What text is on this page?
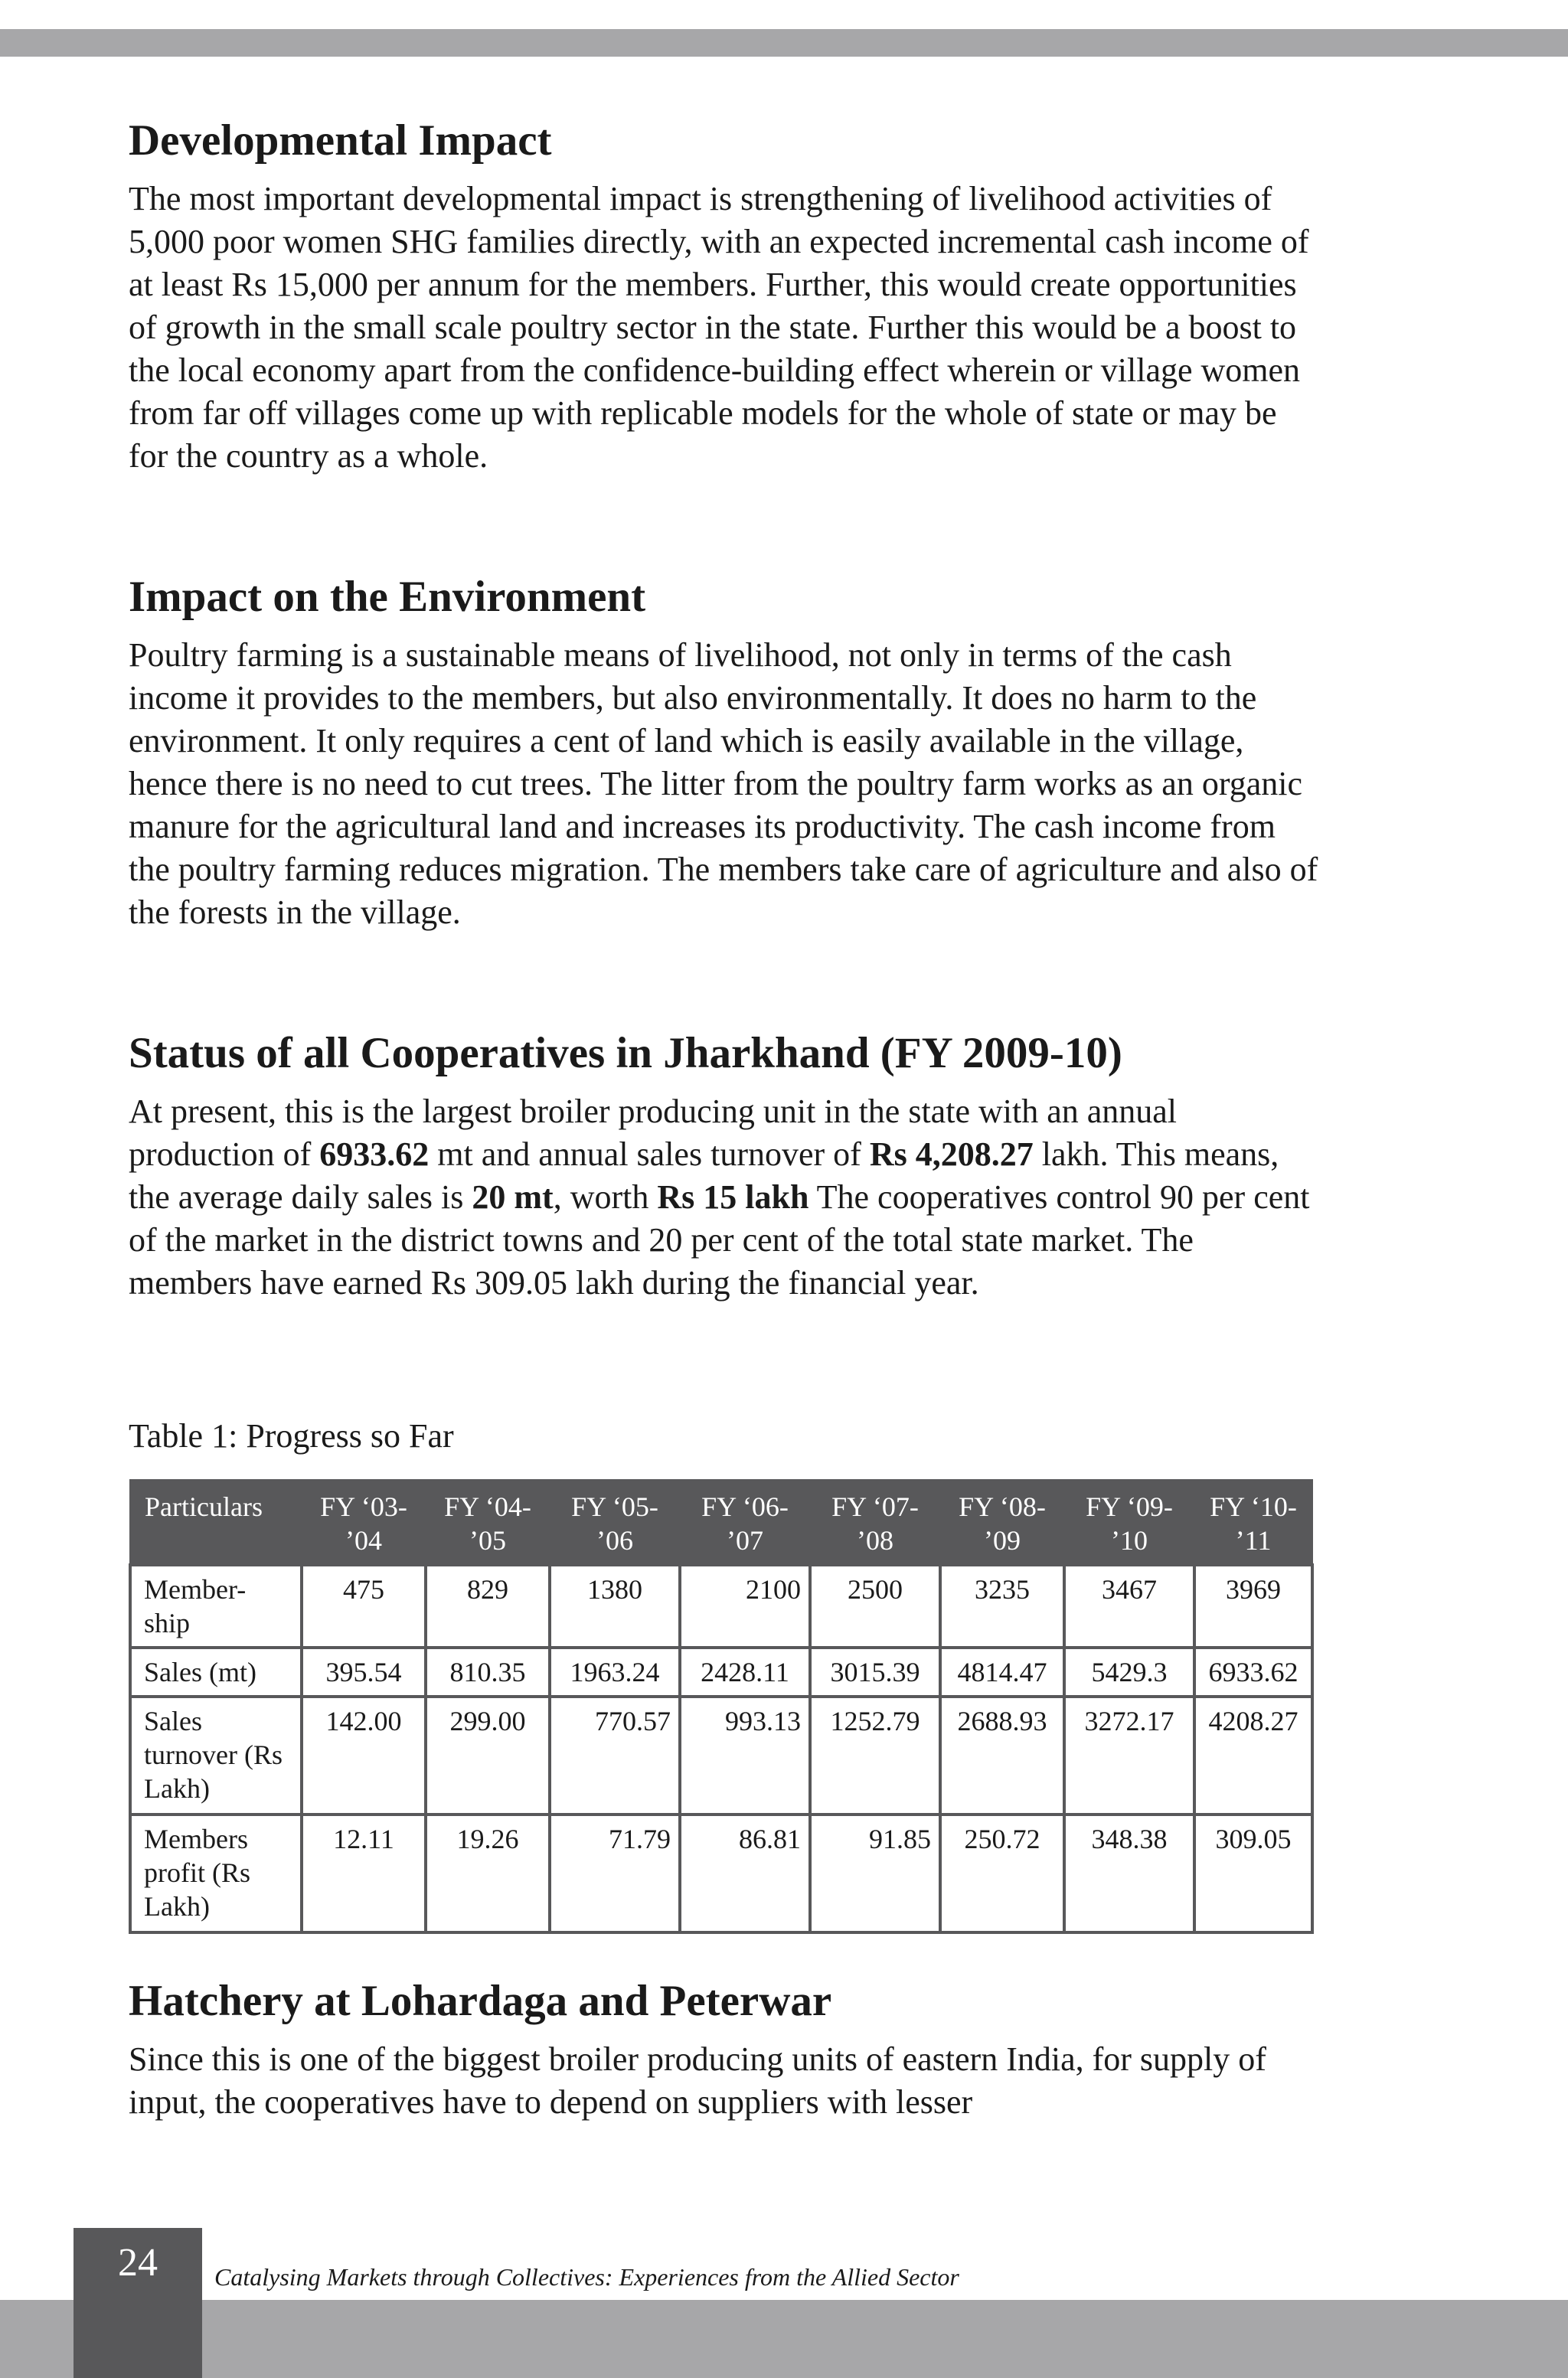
Developmental Impact

The most important developmental impact is strengthening of livelihood activities of 5,000 poor women SHG families directly, with an expected incremental cash income of at least Rs 15,000 per annum for the members. Further, this would create opportunities of growth in the small scale poultry sector in the state. Further this would be a boost to the local economy apart from the confidence-building effect wherein or village women from far off villages come up with replicable models for the whole of state or may be for the country as a whole.

Impact on the Environment

Poultry farming is a sustainable means of livelihood, not only in terms of the cash income it provides to the members, but also environmentally. It does no harm to the environment. It only requires a cent of land which is easily available in the village, hence there is no need to cut trees. The litter from the poultry farm works as an organic manure for the agricultural land and increases its productivity. The cash income from the poultry farming reduces migration. The members take care of agriculture and also of the forests in the village.

Status of all Cooperatives in Jharkhand (FY 2009-10)

At present, this is the largest broiler producing unit in the state with an annual production of 6933.62 mt and annual sales turnover of Rs 4,208.27 lakh. This means, the average daily sales is 20 mt, worth Rs 15 lakh The cooperatives control 90 per cent of the market in the district towns and 20 per cent of the total state market. The members have earned Rs 309.05 lakh during the financial year.

Table 1: Progress so Far

Particulars	FY ‘03- ’04	FY ‘04- ’05	FY ‘05- ’06	FY ‘06- ’07	FY ‘07- ’08	FY ‘08- ’09	FY ‘09- ’10	FY ‘10- ’11
Member- ship	475	829	1380	2100	2500	3235	3467	3969
Sales (mt)	395.54	810.35	1963.24	2428.11	3015.39	4814.47	5429.3	6933.62
Sales turnover (Rs Lakh)	142.00	299.00	770.57	993.13	1252.79	2688.93	3272.17	4208.27
Members profit (Rs Lakh)	12.11	19.26	71.79	86.81	91.85	250.72	348.38	309.05
Hatchery at Lohardaga and Peterwar

Since this is one of the biggest broiler producing units of eastern India, for supply of input, the cooperatives have to depend on suppliers with lesser

24	Catalysing Markets through Collectives: Experiences from the Allied Sector
